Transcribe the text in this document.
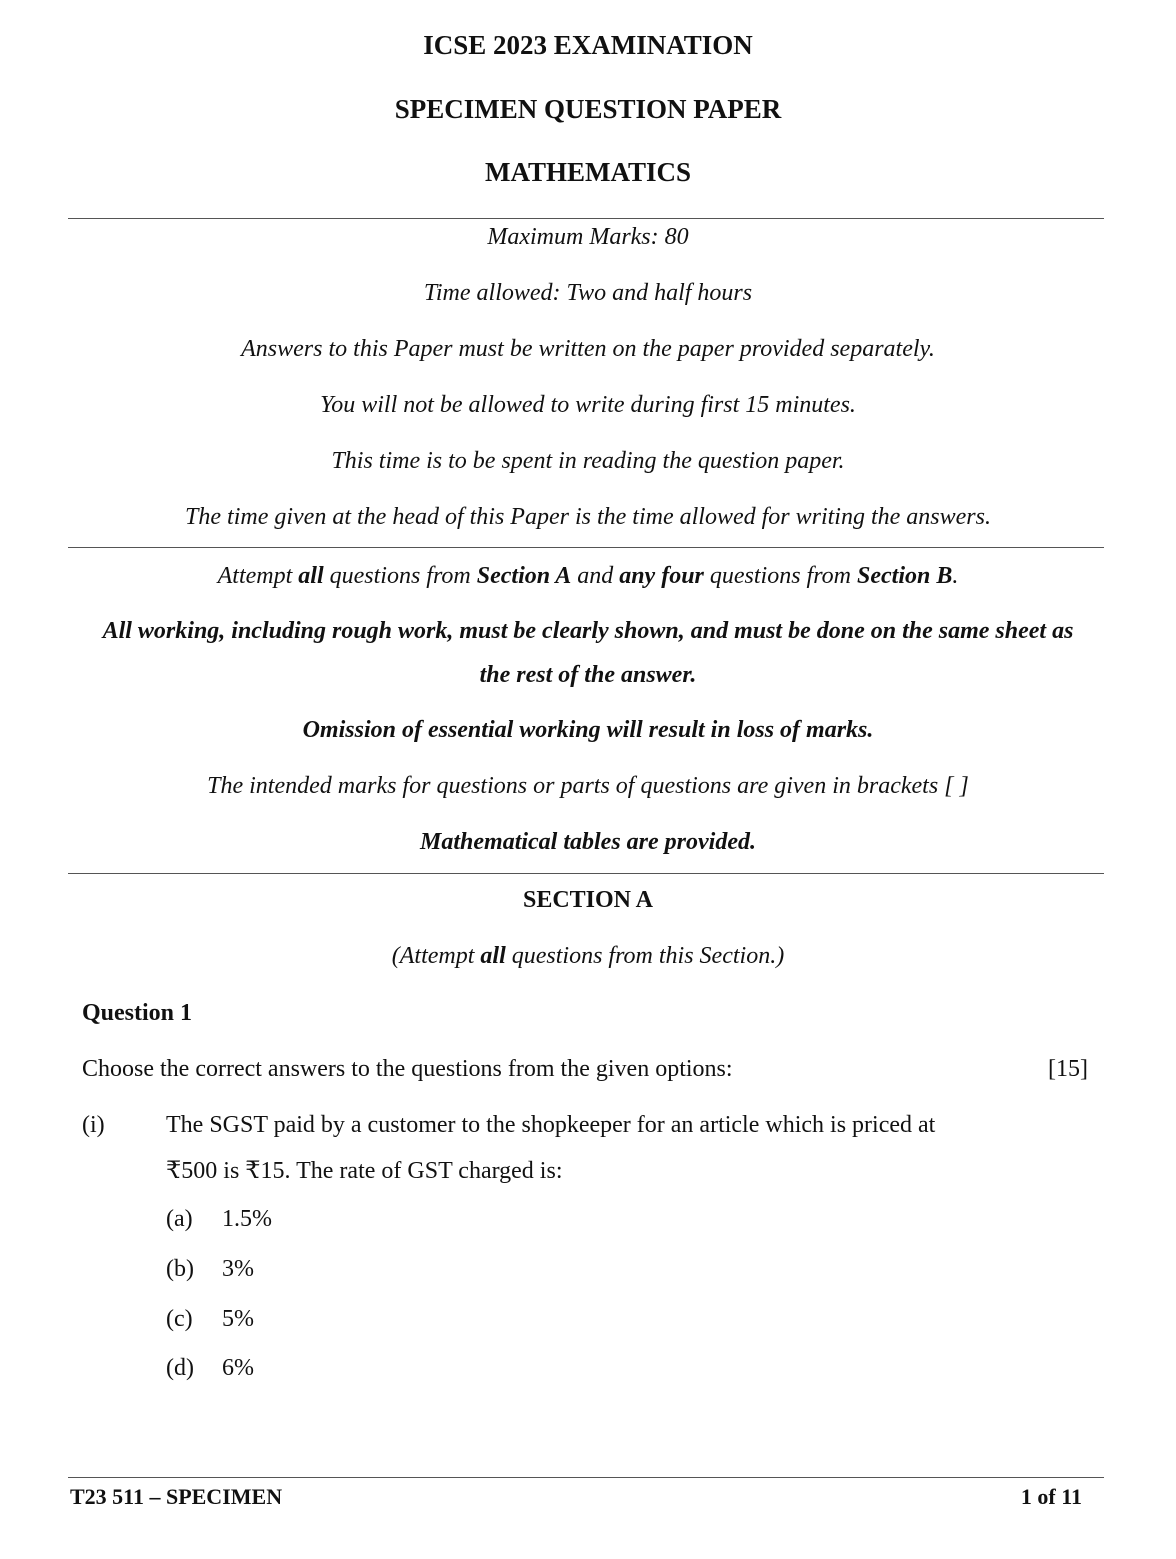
ICSE 2023 EXAMINATION
SPECIMEN QUESTION PAPER
MATHEMATICS
Maximum Marks: 80
Time allowed: Two and half hours
Answers to this Paper must be written on the paper provided separately.
You will not be allowed to write during first 15 minutes.
This time is to be spent in reading the question paper.
The time given at the head of this Paper is the time allowed for writing the answers.
Attempt all questions from Section A and any four questions from Section B.
All working, including rough work, must be clearly shown, and must be done on the same sheet as
the rest of the answer.
Omission of essential working will result in loss of marks.
The intended marks for questions or parts of questions are given in brackets [ ]
Mathematical tables are provided.
SECTION A
(Attempt all questions from this Section.)
Question 1
Choose the correct answers to the questions from the given options:	[15]
(i)	The SGST paid by a customer to the shopkeeper for an article which is priced at
₹500 is ₹15. The rate of GST charged is:
(a) 1.5%
(b) 3%
(c) 5%
(d) 6%
T23 511 – SPECIMEN	1 of 11
